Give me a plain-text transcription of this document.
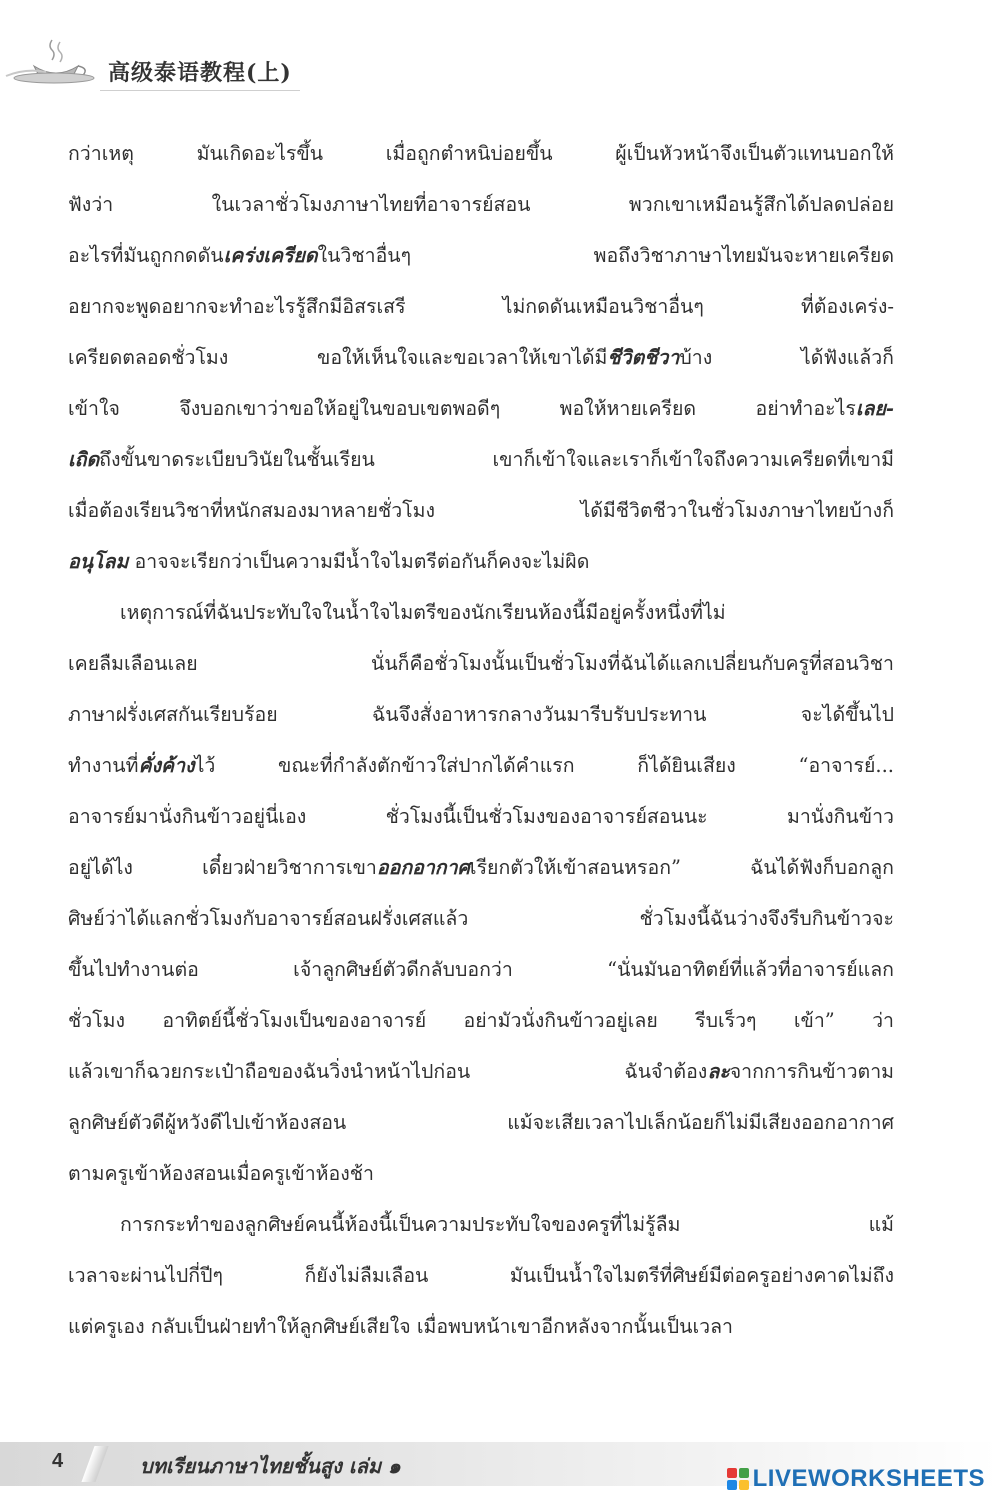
高级泰语教程(上)
กว่าเหตุ มันเกิดอะไรขึ้น เมื่อถูกตำหนิบ่อยขึ้น ผู้เป็นหัวหน้าจึงเป็นตัวแทนบอกให้
ฟังว่า ในเวลาชั่วโมงภาษาไทยที่อาจารย์สอน พวกเขาเหมือนรู้สึกได้ปลดปล่อย
อะไรที่มันถูกกดดันเคร่งเครียดในวิชาอื่นๆ พอถึงวิชาภาษาไทยมันจะหายเครียด
อยากจะพูดอยากจะทำอะไรรู้สึกมีอิสรเสรี ไม่กดดันเหมือนวิชาอื่นๆ ที่ต้องเคร่ง-
เครียดตลอดชั่วโมง ขอให้เห็นใจและขอเวลาให้เขาได้มีชีวิตชีวาบ้าง ได้ฟังแล้วก็
เข้าใจ จึงบอกเขาว่าขอให้อยู่ในขอบเขตพอดีๆ พอให้หายเครียด อย่าทำอะไรเลย-
เถิดถึงขั้นขาดระเบียบวินัยในชั้นเรียน เขาก็เข้าใจและเราก็เข้าใจถึงความเครียดที่เขามี
เมื่อต้องเรียนวิชาที่หนักสมองมาหลายชั่วโมง ได้มีชีวิตชีวาในชั่วโมงภาษาไทยบ้างก็
อนุโลม อาจจะเรียกว่าเป็นความมีน้ำใจไมตรีต่อกันก็คงจะไม่ผิด
เหตุการณ์ที่ฉันประทับใจในน้ำใจไมตรีของนักเรียนห้องนี้มีอยู่ครั้งหนึ่งที่ไม่
เคยลืมเลือนเลย นั่นก็คือชั่วโมงนั้นเป็นชั่วโมงที่ฉันได้แลกเปลี่ยนกับครูที่สอนวิชา
ภาษาฝรั่งเศสกันเรียบร้อย ฉันจึงสั่งอาหารกลางวันมารีบรับประทาน จะได้ขึ้นไป
ทำงานที่คั่งค้างไว้ ขณะที่กำลังตักข้าวใส่ปากได้คำแรก ก็ได้ยินเสียง “อาจารย์...
อาจารย์มานั่งกินข้าวอยู่นี่เอง ชั่วโมงนี้เป็นชั่วโมงของอาจารย์สอนนะ มานั่งกินข้าว
อยู่ได้ไง เดี๋ยวฝ่ายวิชาการเขาออกอากาศเรียกตัวให้เข้าสอนหรอก” ฉันได้ฟังก็บอกลูก
ศิษย์ว่าได้แลกชั่วโมงกับอาจารย์สอนฝรั่งเศสแล้ว ชั่วโมงนี้ฉันว่างจึงรีบกินข้าวจะ
ขึ้นไปทำงานต่อ เจ้าลูกศิษย์ตัวดีกลับบอกว่า “นั่นมันอาทิตย์ที่แล้วที่อาจารย์แลก
ชั่วโมง อาทิตย์นี้ชั่วโมงเป็นของอาจารย์ อย่ามัวนั่งกินข้าวอยู่เลย รีบเร็วๆ เข้า” ว่า
แล้วเขาก็ฉวยกระเป๋าถือของฉันวิ่งนำหน้าไปก่อน ฉันจำต้องละจากการกินข้าวตาม
ลูกศิษย์ตัวดีผู้หวังดีไปเข้าห้องสอน แม้จะเสียเวลาไปเล็กน้อยก็ไม่มีเสียงออกอากาศ
ตามครูเข้าห้องสอนเมื่อครูเข้าห้องช้า
การกระทำของลูกศิษย์คนนี้ห้องนี้เป็นความประทับใจของครูที่ไม่รู้ลืม แม้
เวลาจะผ่านไปกี่ปีๆ ก็ยังไม่ลืมเลือน มันเป็นน้ำใจไมตรีที่ศิษย์มีต่อครูอย่างคาดไม่ถึง
แต่ครูเอง กลับเป็นฝ่ายทำให้ลูกศิษย์เสียใจ เมื่อพบหน้าเขาอีกหลังจากนั้นเป็นเวลา
4	บทเรียนภาษาไทยชั้นสูง เล่ม ๑	LIVEWORKSHEETS
